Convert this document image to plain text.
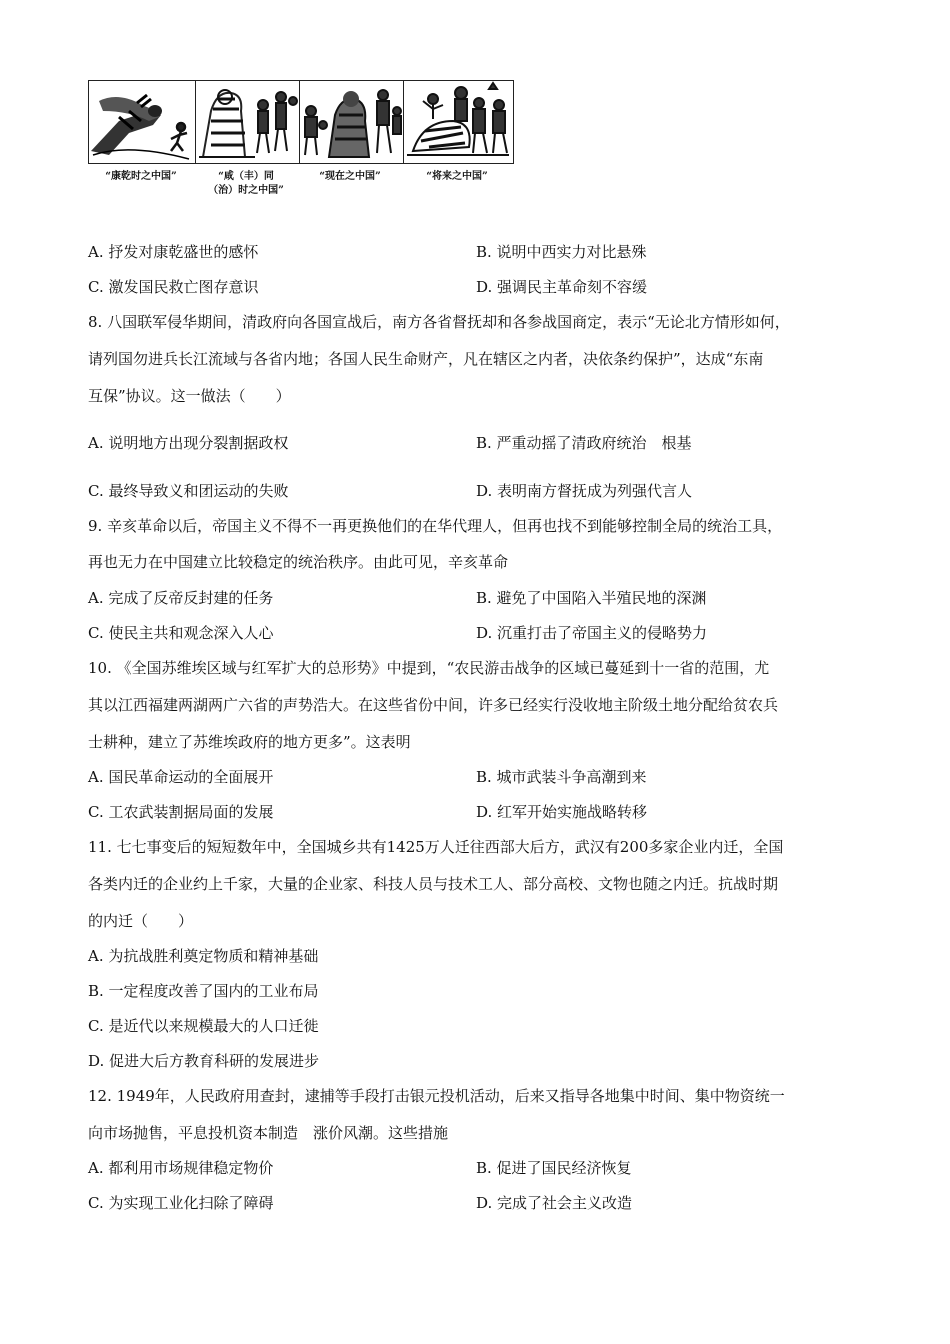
“康乾时之中国”	“咸（丰）同
（治）时之中国”
“现在之中国”	“将来之中国”
A. 抒发对康乾盛世的感怀	B. 说明中西实力对比悬殊
C. 激发国民救亡图存意识	D. 强调民主革命刻不容缓
8. 八国联军侵华期间，清政府向各国宣战后，南方各省督抚却和各参战国商定，表示“无论北方情形如何，
请列国勿进兵长江流域与各省内地；各国人民生命财产，凡在辖区之内者，决依条约保护”，达成“东南
互保”协议。这一做法（　　）
A. 说明地方出现分裂割据政权	B. 严重动摇了清政府统治　根基
C. 最终导致义和团运动的失败	D. 表明南方督抚成为列强代言人
9. 辛亥革命以后，帝国主义不得不一再更换他们的在华代理人，但再也找不到能够控制全局的统治工具，
再也无力在中国建立比较稳定的统治秩序。由此可见，辛亥革命
A. 完成了反帝反封建的任务	B. 避免了中国陷入半殖民地的深渊
C. 使民主共和观念深入人心	D. 沉重打击了帝国主义的侵略势力
10. 《全国苏维埃区域与红军扩大的总形势》中提到，“农民游击战争的区域已蔓延到十一省的范围，尤
其以江西福建两湖两广六省的声势浩大。在这些省份中间，许多已经实行没收地主阶级土地分配给贫农兵
士耕种，建立了苏维埃政府的地方更多”。这表明
A. 国民革命运动的全面展开	B. 城市武装斗争高潮到来
C. 工农武装割据局面的发展	D. 红军开始实施战略转移
11. 七七事变后的短短数年中，全国城乡共有1425万人迁往西部大后方，武汉有200多家企业内迁，全国
各类内迁的企业约上千家，大量的企业家、科技人员与技术工人、部分高校、文物也随之内迁。抗战时期
的内迁（　　）
A. 为抗战胜利奠定物质和精神基础
B. 一定程度改善了国内的工业布局
C. 是近代以来规模最大的人口迁徙
D. 促进大后方教育科研的发展进步
12. 1949年，人民政府用查封，逮捕等手段打击银元投机活动，后来又指导各地集中时间、集中物资统一
向市场抛售，平息投机资本制造　涨价风潮。这些措施
A. 都利用市场规律稳定物价	B. 促进了国民经济恢复
C. 为实现工业化扫除了障碍	D. 完成了社会主义改造
